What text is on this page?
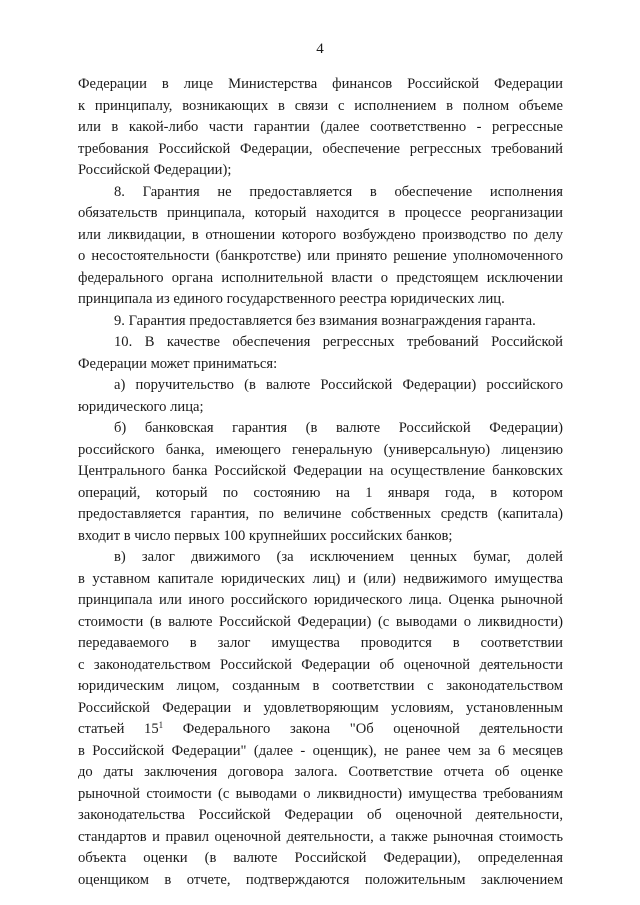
4
Федерации в лице Министерства финансов Российской Федерации
к принципалу, возникающих в связи с исполнением в полном объеме
или в какой-либо части гарантии (далее соответственно - регрессные
требования Российской Федерации, обеспечение регрессных требований
Российской Федерации);
8. Гарантия не предоставляется в обеспечение исполнения
обязательств принципала, который находится в процессе реорганизации
или ликвидации, в отношении которого возбуждено производство по делу
о несостоятельности (банкротстве) или принято решение уполномоченного
федерального органа исполнительной власти о предстоящем исключении
принципала из единого государственного реестра юридических лиц.
9. Гарантия предоставляется без взимания вознаграждения гаранта.
10. В качестве обеспечения регрессных требований Российской
Федерации может приниматься:
а) поручительство (в валюте Российской Федерации) российского
юридического лица;
б) банковская гарантия (в валюте Российской Федерации)
российского банка, имеющего генеральную (универсальную) лицензию
Центрального банка Российской Федерации на осуществление банковских
операций, который по состоянию на 1 января года, в котором
предоставляется гарантия, по величине собственных средств (капитала)
входит в число первых 100 крупнейших российских банков;
в) залог движимого (за исключением ценных бумаг, долей
в уставном капитале юридических лиц) и (или) недвижимого имущества
принципала или иного российского юридического лица. Оценка рыночной
стоимости (в валюте Российской Федерации) (с выводами о ликвидности)
передаваемого в залог имущества проводится в соответствии
с законодательством Российской Федерации об оценочной деятельности
юридическим лицом, созданным в соответствии с законодательством
Российской Федерации и удовлетворяющим условиям, установленным
статьей $15^1$ Федерального закона "Об оценочной деятельности
в Российской Федерации" (далее - оценщик), не ранее чем за 6 месяцев
до даты заключения договора залога. Соответствие отчета об оценке
рыночной стоимости (с выводами о ликвидности) имущества требованиям
законодательства Российской Федерации об оценочной деятельности,
стандартов и правил оценочной деятельности, а также рыночная стоимость
объекта оценки (в валюте Российской Федерации), определенная
оценщиком в отчете, подтверждаются положительным заключением
